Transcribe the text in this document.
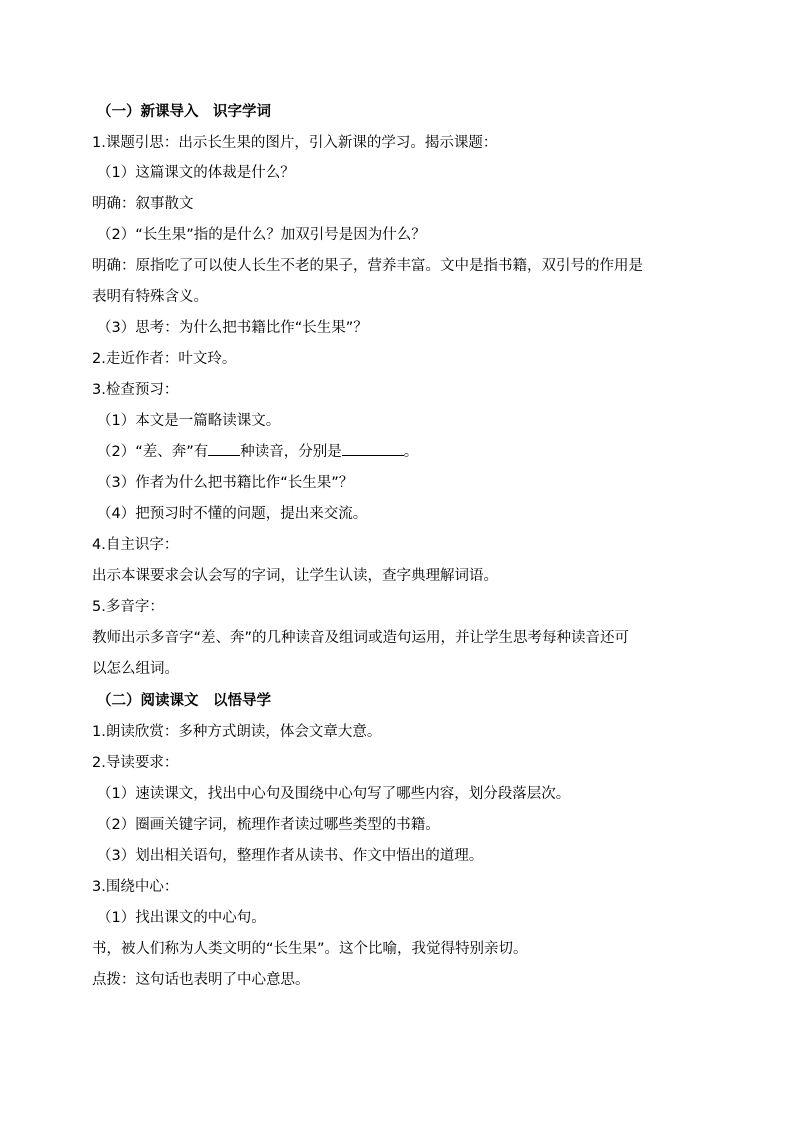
（一）新课导入　识字学词
1.课题引思：出示长生果的图片，引入新课的学习。揭示课题：
（1）这篇课文的体裁是什么？
明确：叙事散文
（2）“长生果”指的是什么？加双引号是因为什么？
明确：原指吃了可以使人长生不老的果子，营养丰富。文中是指书籍，双引号的作用是
表明有特殊含义。
（3）思考：为什么把书籍比作“长生果”？
2.走近作者：叶文玲。
3.检查预习：
（1）本文是一篇略读课文。
（2）“差、奔”有 种读音，分别是	。
（3）作者为什么把书籍比作“长生果”？
（4）把预习时不懂的问题，提出来交流。
4.自主识字：
出示本课要求会认会写的字词，让学生认读，查字典理解词语。
5.多音字：
教师出示多音字“差、奔”的几种读音及组词或造句运用，并让学生思考每种读音还可
以怎么组词。
（二）阅读课文　以悟导学
1.朗读欣赏：多种方式朗读，体会文章大意。
2.导读要求：
（1）速读课文，找出中心句及围绕中心句写了哪些内容，划分段落层次。
（2）圈画关键字词，梳理作者读过哪些类型的书籍。
（3）划出相关语句，整理作者从读书、作文中悟出的道理。
3.围绕中心：
（1）找出课文的中心句。
书，被人们称为人类文明的“长生果”。这个比喻，我觉得特别亲切。
点拨：这句话也表明了中心意思。
